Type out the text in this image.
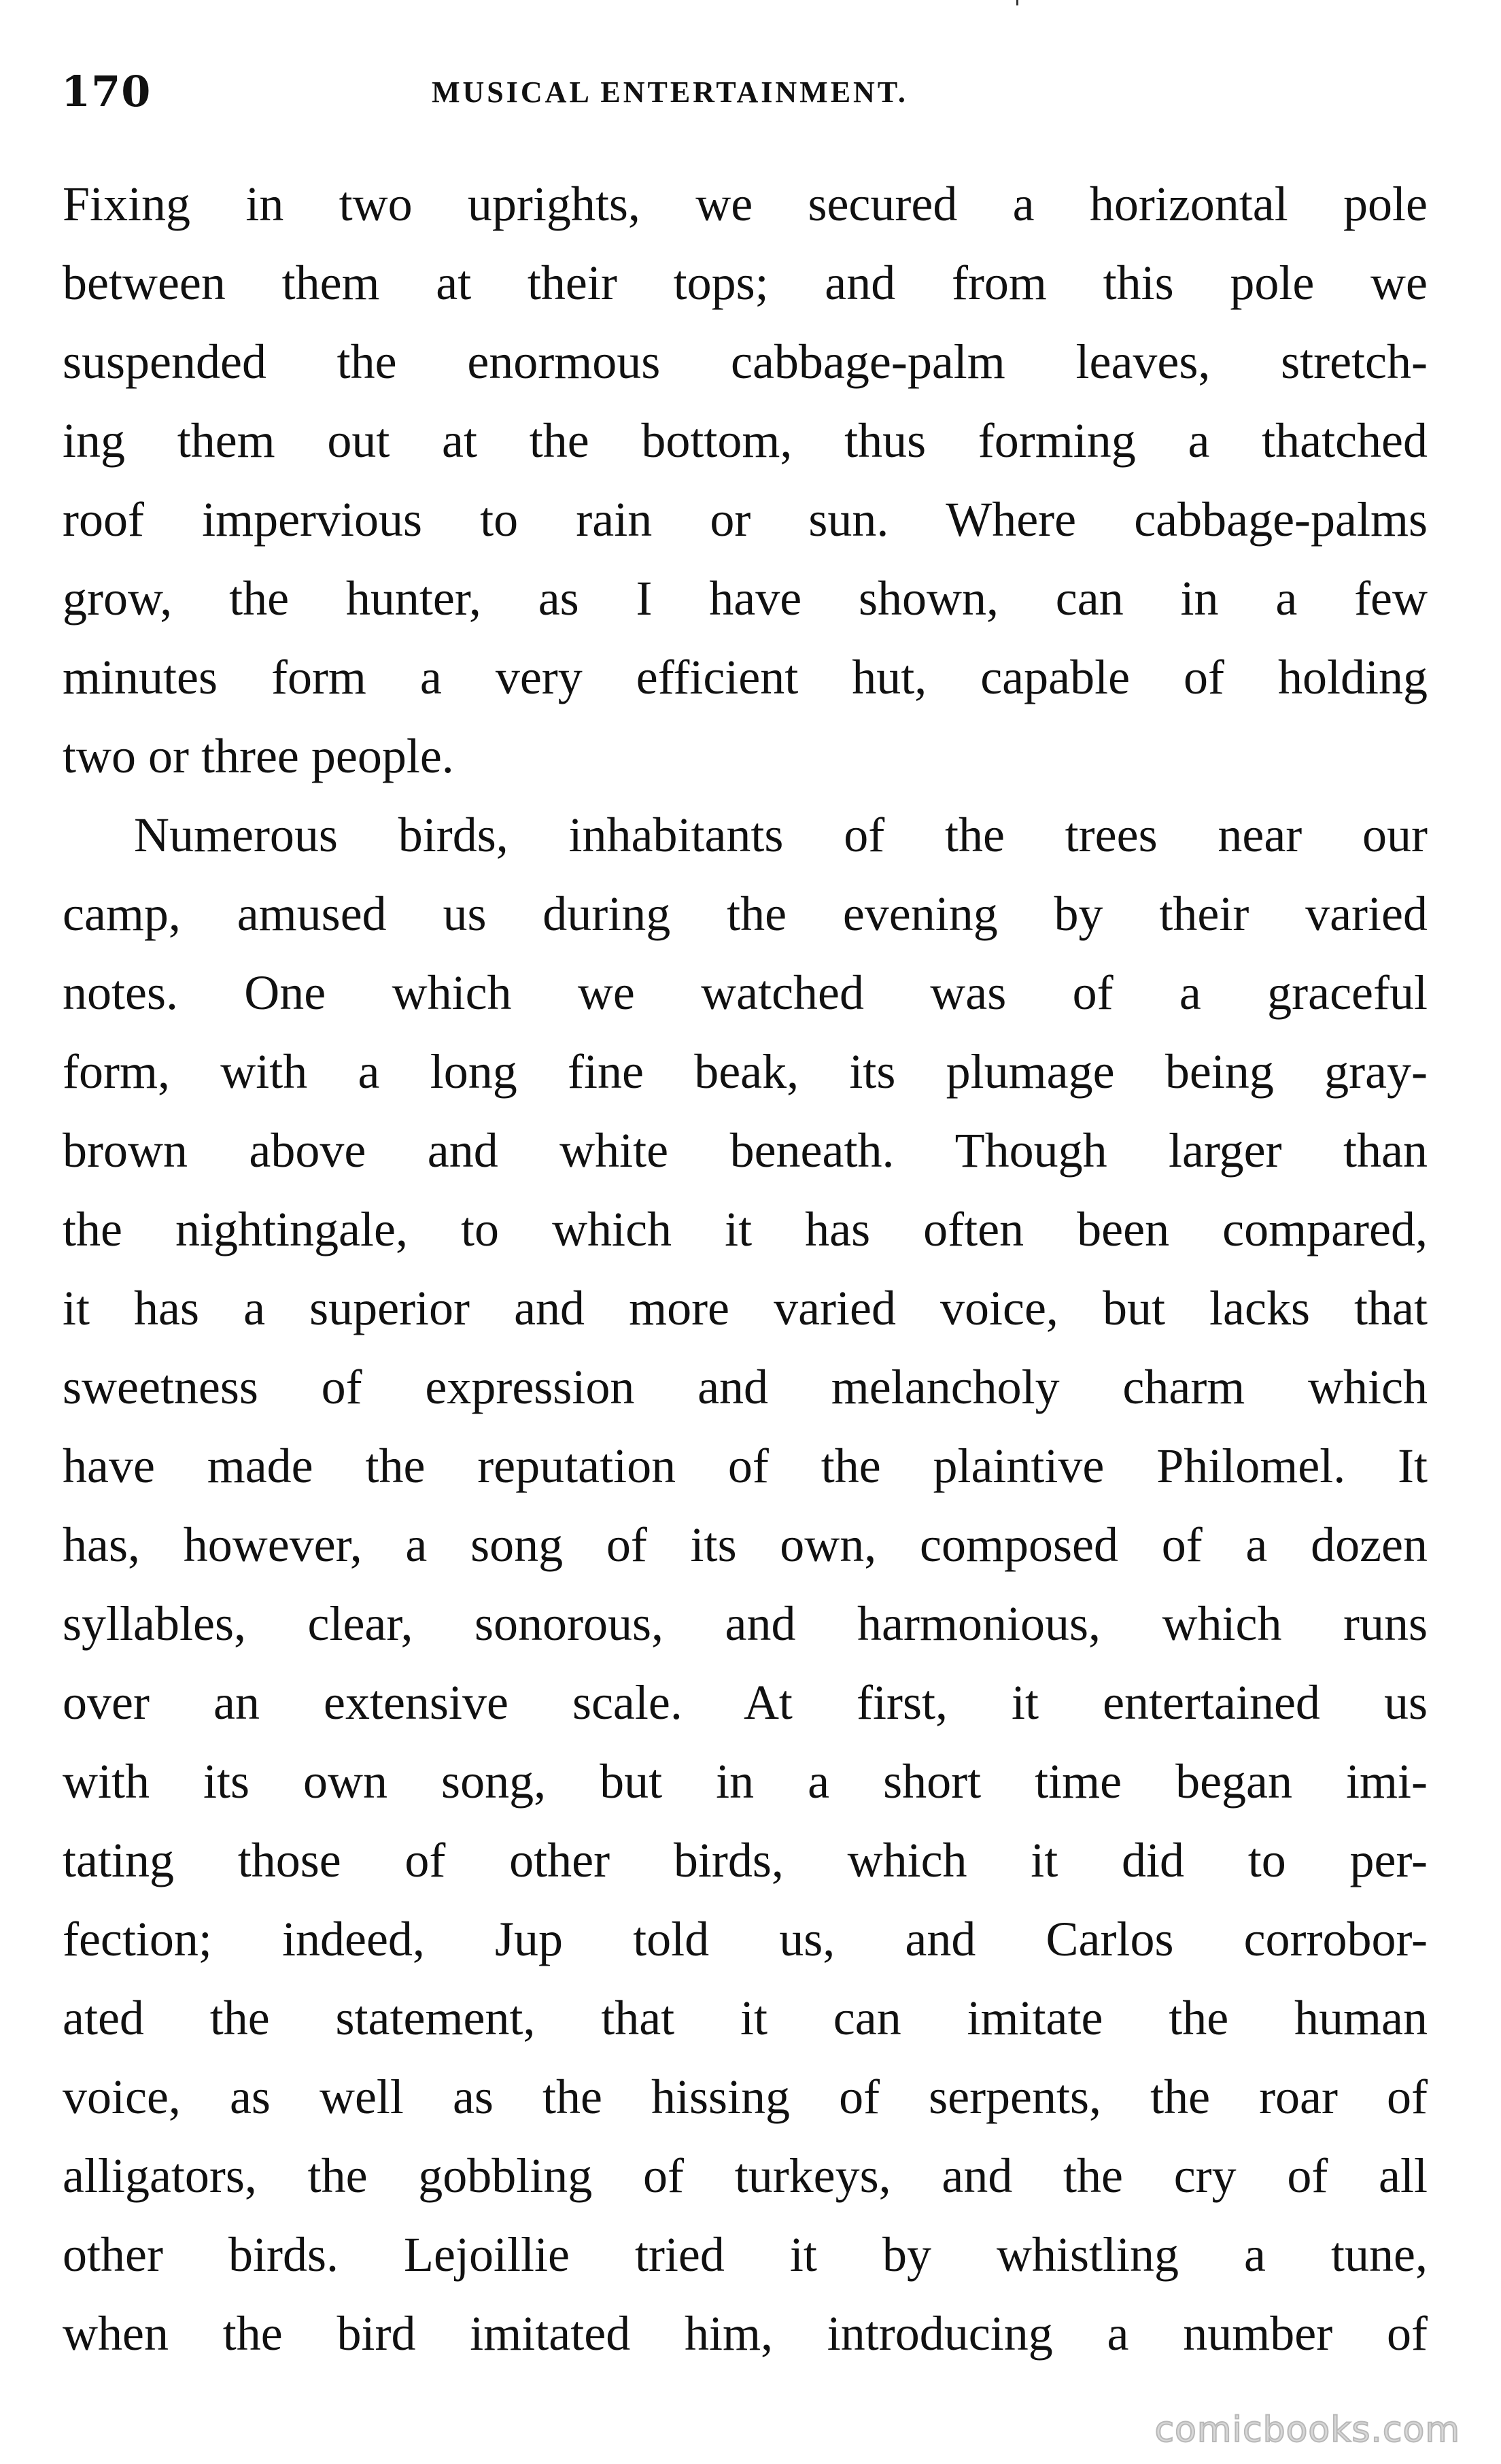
170	MUSICAL ENTERTAINMENT.
Fixing in two uprights, we secured a horizontal pole
between them at their tops; and from this pole we
suspended the enormous cabbage-palm leaves, stretch-
ing them out at the bottom, thus forming a thatched
roof impervious to rain or sun. Where cabbage-palms
grow, the hunter, as I have shown, can in a few
minutes form a very efficient hut, capable of holding
two or three people.
Numerous birds, inhabitants of the trees near our
camp, amused us during the evening by their varied
notes. One which we watched was of a graceful
form, with a long fine beak, its plumage being gray-
brown above and white beneath. Though larger than
the nightingale, to which it has often been compared,
it has a superior and more varied voice, but lacks that
sweetness of expression and melancholy charm which
have made the reputation of the plaintive Philomel. It
has, however, a song of its own, composed of a dozen
syllables, clear, sonorous, and harmonious, which runs
over an extensive scale. At first, it entertained us
with its own song, but in a short time began imi-
tating those of other birds, which it did to per-
fection; indeed, Jup told us, and Carlos corrobor-
ated the statement, that it can imitate the human
voice, as well as the hissing of serpents, the roar of
alligators, the gobbling of turkeys, and the cry of all
other birds. Lejoillie tried it by whistling a tune,
when the bird imitated him, introducing a number of
comicbooks.com
